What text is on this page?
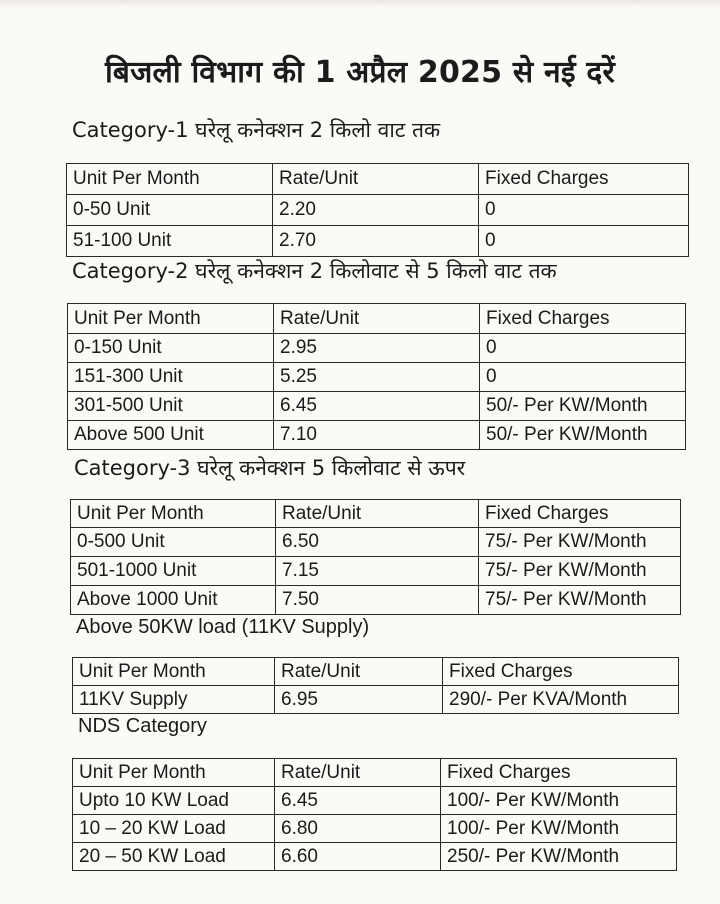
बिजली विभाग की 1 अप्रैल 2025 से नई दरें
Category-1 घरेलू कनेक्शन 2 किलो वाट तक
Unit Per Month	Rate/Unit	Fixed Charges
0-50 Unit	2.20	0
51-100 Unit	2.70	0
Category-2 घरेलू कनेक्शन 2 किलोवाट से 5 किलो वाट तक
Unit Per Month	Rate/Unit	Fixed Charges
0-150 Unit	2.95	0
151-300 Unit	5.25	0
301-500 Unit	6.45	50/- Per KW/Month
Above 500 Unit	7.10	50/- Per KW/Month
Category-3 घरेलू कनेक्शन 5 किलोवाट से ऊपर
Unit Per Month	Rate/Unit	Fixed Charges
0-500 Unit	6.50	75/- Per KW/Month
501-1000 Unit	7.15	75/- Per KW/Month
Above 1000 Unit	7.50	75/- Per KW/Month
Above 50KW load (11KV Supply)
Unit Per Month	Rate/Unit	Fixed Charges
11KV Supply	6.95	290/- Per KVA/Month
NDS Category
Unit Per Month	Rate/Unit	Fixed Charges
Upto 10 KW Load	6.45	100/- Per KW/Month
10 – 20 KW Load	6.80	100/- Per KW/Month
20 – 50 KW Load	6.60	250/- Per KW/Month
